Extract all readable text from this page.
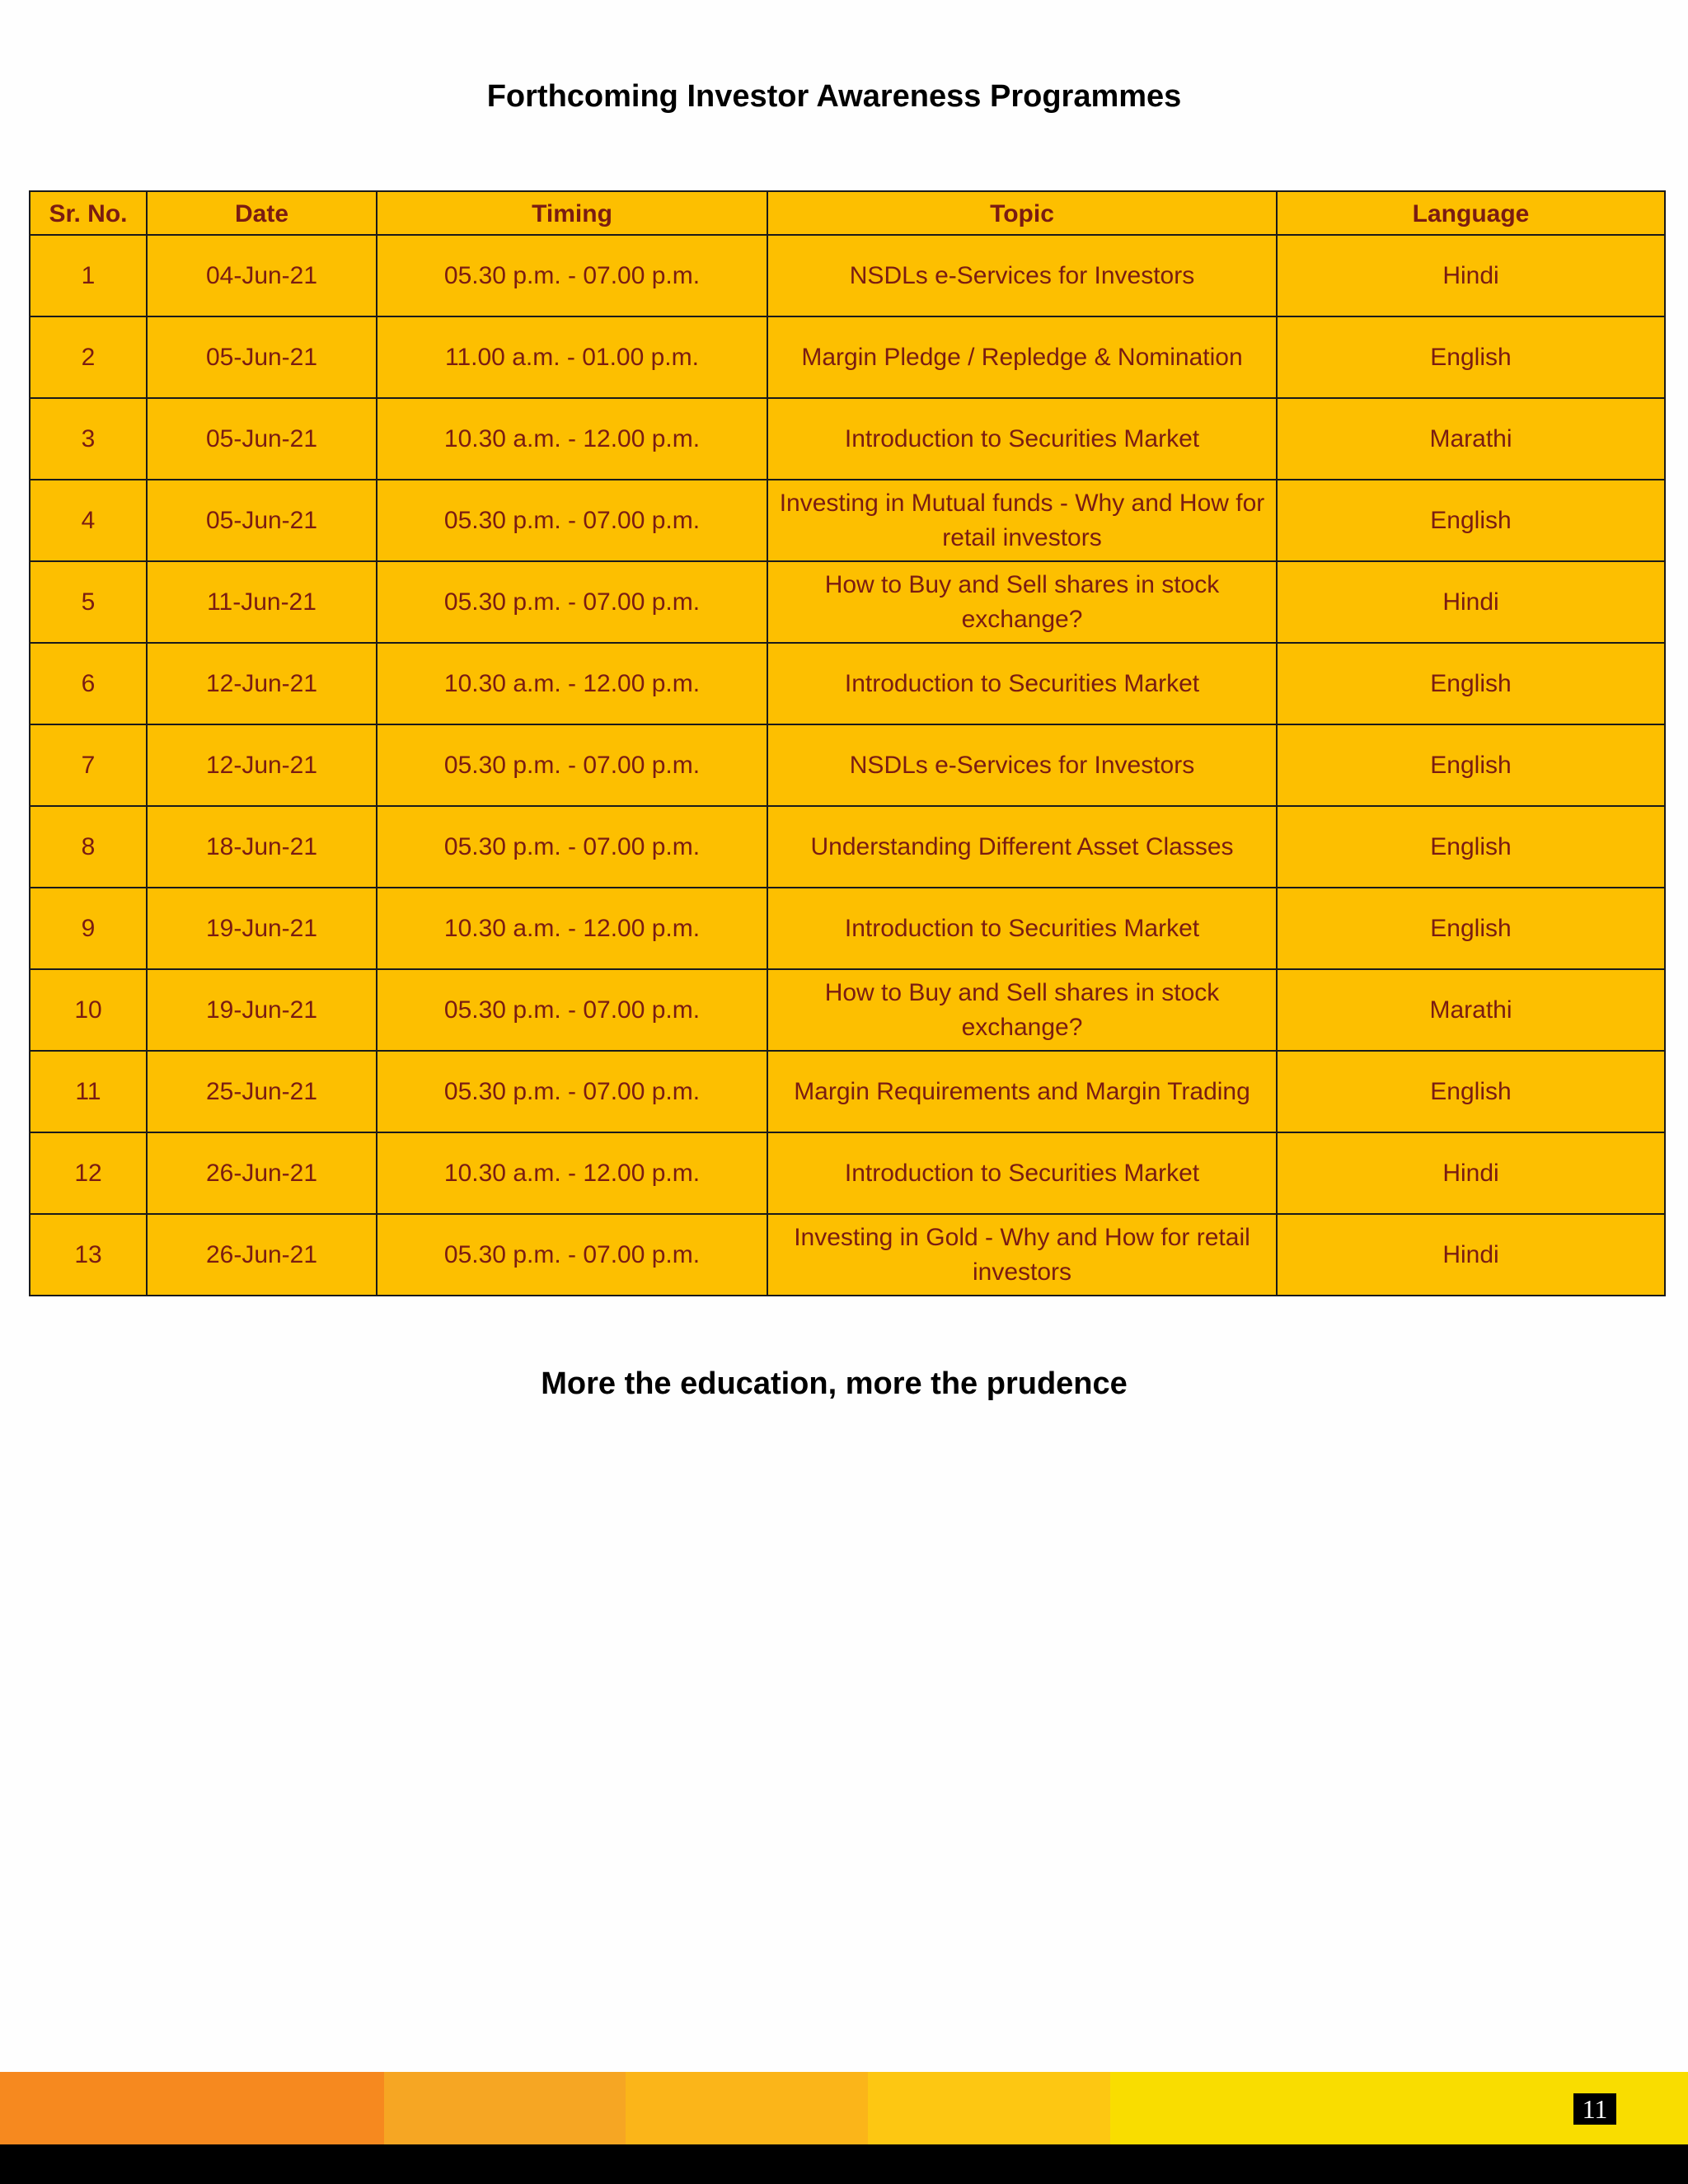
Forthcoming Investor Awareness Programmes
Sr. No.	Date	Timing	Topic	Language
1	04-Jun-21	05.30 p.m. - 07.00 p.m.	NSDLs e-Services for Investors	Hindi
2	05-Jun-21	11.00 a.m. - 01.00 p.m.	Margin Pledge / Repledge & Nomination	English
3	05-Jun-21	10.30 a.m. - 12.00 p.m.	Introduction to Securities Market	Marathi
4	05-Jun-21	05.30 p.m. - 07.00 p.m.	Investing in Mutual funds - Why and How for retail investors	English
5	11-Jun-21	05.30 p.m. - 07.00 p.m.	How to Buy and Sell shares in stock exchange?	Hindi
6	12-Jun-21	10.30 a.m. - 12.00 p.m.	Introduction to Securities Market	English
7	12-Jun-21	05.30 p.m. - 07.00 p.m.	NSDLs e-Services for Investors	English
8	18-Jun-21	05.30 p.m. - 07.00 p.m.	Understanding Different Asset Classes	English
9	19-Jun-21	10.30 a.m. - 12.00 p.m.	Introduction to Securities Market	English
10	19-Jun-21	05.30 p.m. - 07.00 p.m.	How to Buy and Sell shares in stock exchange?	Marathi
11	25-Jun-21	05.30 p.m. - 07.00 p.m.	Margin Requirements and Margin Trading	English
12	26-Jun-21	10.30 a.m. - 12.00 p.m.	Introduction to Securities Market	Hindi
13	26-Jun-21	05.30 p.m. - 07.00 p.m.	Investing in Gold - Why and How for retail investors	Hindi
More the education, more the prudence
11
